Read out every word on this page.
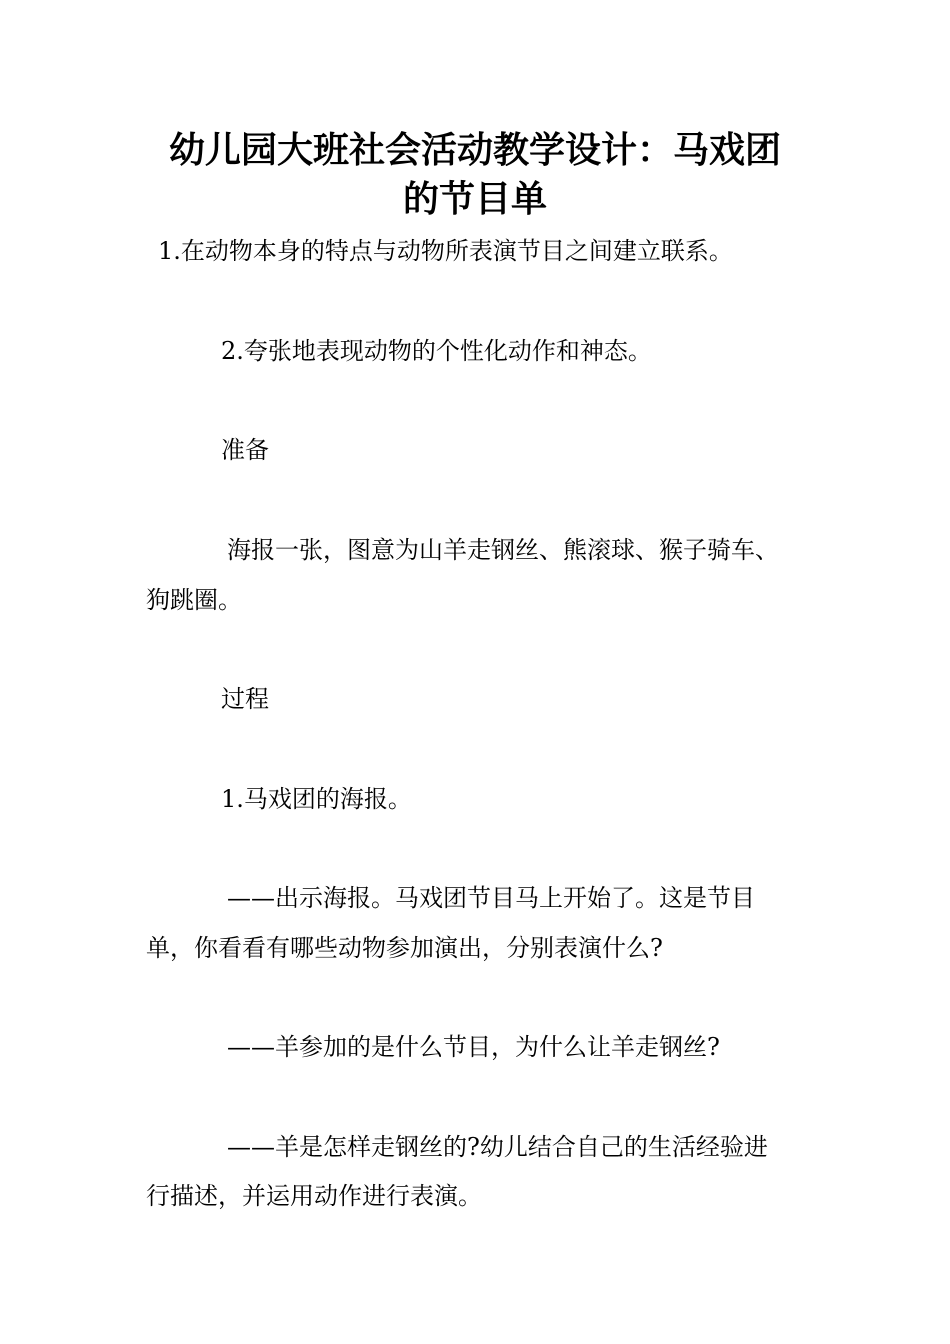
幼儿园大班社会活动教学设计：马戏团
的节目单
1.在动物本身的特点与动物所表演节目之间建立联系。
2.夸张地表现动物的个性化动作和神态。
准备
海报一张，图意为山羊走钢丝、熊滚球、猴子骑车、
狗跳圈。
过程
1.马戏团的海报。
——出示海报。马戏团节目马上开始了。这是节目
单，你看看有哪些动物参加演出，分别表演什么?
——羊参加的是什么节目，为什么让羊走钢丝?
——羊是怎样走钢丝的?幼儿结合自己的生活经验进
行描述，并运用动作进行表演。
